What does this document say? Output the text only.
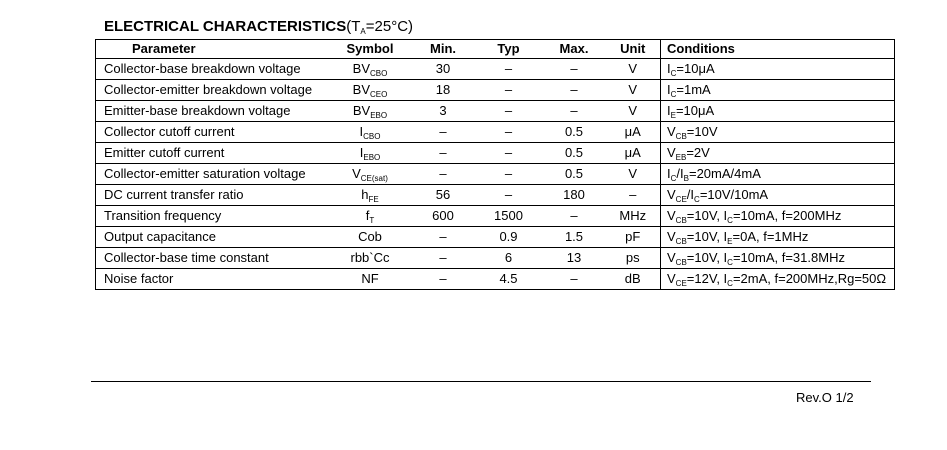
ELECTRICAL $CHARACTERISTICS(T_A=25^\circ C)$
Parameter	Symbol	Min.	Typ	Max.	Unit	Conditions
Collector-base breakdown voltage	$BV_{CBO}$	30	–	–	V	$I_C=10\mu A$
Collector-emitter breakdown voltage	$BV_{CEO}$	18	–	–	V	$I_C=1mA$
Emitter-base breakdown voltage	$BV_{EBO}$	3	–	–	V	$I_E=10\mu A$
Collector cutoff current	$I_{CBO}$	–	–	0.5	μA	$V_{CB}=10V$
Emitter cutoff current	$I_{EBO}$	–	–	0.5	μA	$V_{EB}=2V$
Collector-emitter saturation voltage	$V_{CE(sat)}$	–	–	0.5	V	$I_C/I_B=20mA/4mA$
DC current transfer ratio	$h_{FE}$	56	–	180	–	$V_{CE}/I_C=10V/10mA$
Transition frequency	$f_T$	600	1500	–	MHz	$V_{CB}=10V$, $I_C=10mA$, f=200MHz
Output capacitance	Cob	–	0.9	1.5	pF	$V_{CB}=10V$, $I_E=0A$, f=1MHz
Collector-base time constant	rbb`Cc	–	6	13	ps	$V_{CB}=10V$, $I_C=10mA$, f=31.8MHz
Noise factor	NF	–	4.5	–	dB	$V_{CE}=12V$, $I_C=2mA$, f=200MHz,Rg=50Ω
Rev.O 1/2
